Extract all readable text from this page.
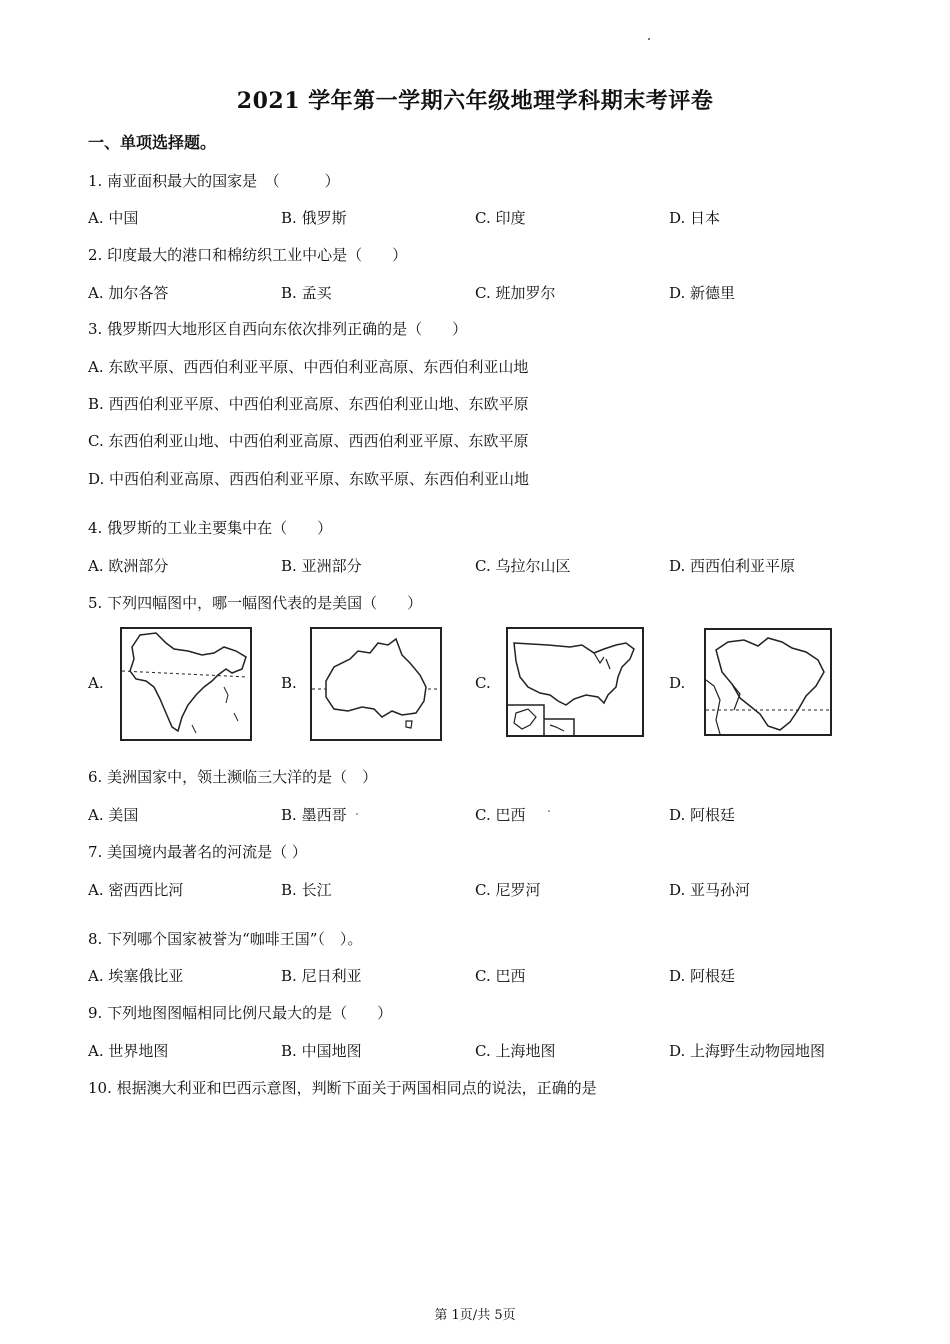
2021 学年第一学期六年级地理学科期末考评卷
一、单项选择题。
1. 南亚面积最大的国家是　（　　　）
A. 中国	B. 俄罗斯	C. 印度	D. 日本
2. 印度最大的港口和棉纺织工业中心是（　　）
A. 加尔各答	B. 孟买	C. 班加罗尔	D. 新德里
3. 俄罗斯四大地形区自西向东依次排列正确的是（　　）
A. 东欧平原、西西伯利亚平原、中西伯利亚高原、东西伯利亚山地
B. 西西伯利亚平原、中西伯利亚高原、东西伯利亚山地、东欧平原
C. 东西伯利亚山地、中西伯利亚高原、西西伯利亚平原、东欧平原
D. 中西伯利亚高原、西西伯利亚平原、东欧平原、东西伯利亚山地
4. 俄罗斯的工业主要集中在（　　）
A. 欧洲部分	B. 亚洲部分	C. 乌拉尔山区	D. 西西伯利亚平原
5. 下列四幅图中，哪一幅图代表的是美国（　　）
A.	B.	C.	D.
6. 美洲国家中，领土濒临三大洋的是（　）
A. 美国	B. 墨西哥	C. 巴西	D. 阿根廷
7. 美国境内最著名的河流是（ ）
A. 密西西比河	B. 长江	C. 尼罗河	D. 亚马孙河
8. 下列哪个国家被誉为“咖啡王国”（　）。
A. 埃塞俄比亚	B. 尼日利亚	C. 巴西	D. 阿根廷
9. 下列地图图幅相同比例尺最大的是（　　）
A. 世界地图	B. 中国地图	C. 上海地图	D. 上海野生动物园地图
10. 根据澳大利亚和巴西示意图，判断下面关于两国相同点的说法，正确的是
第 1页/共 5页
